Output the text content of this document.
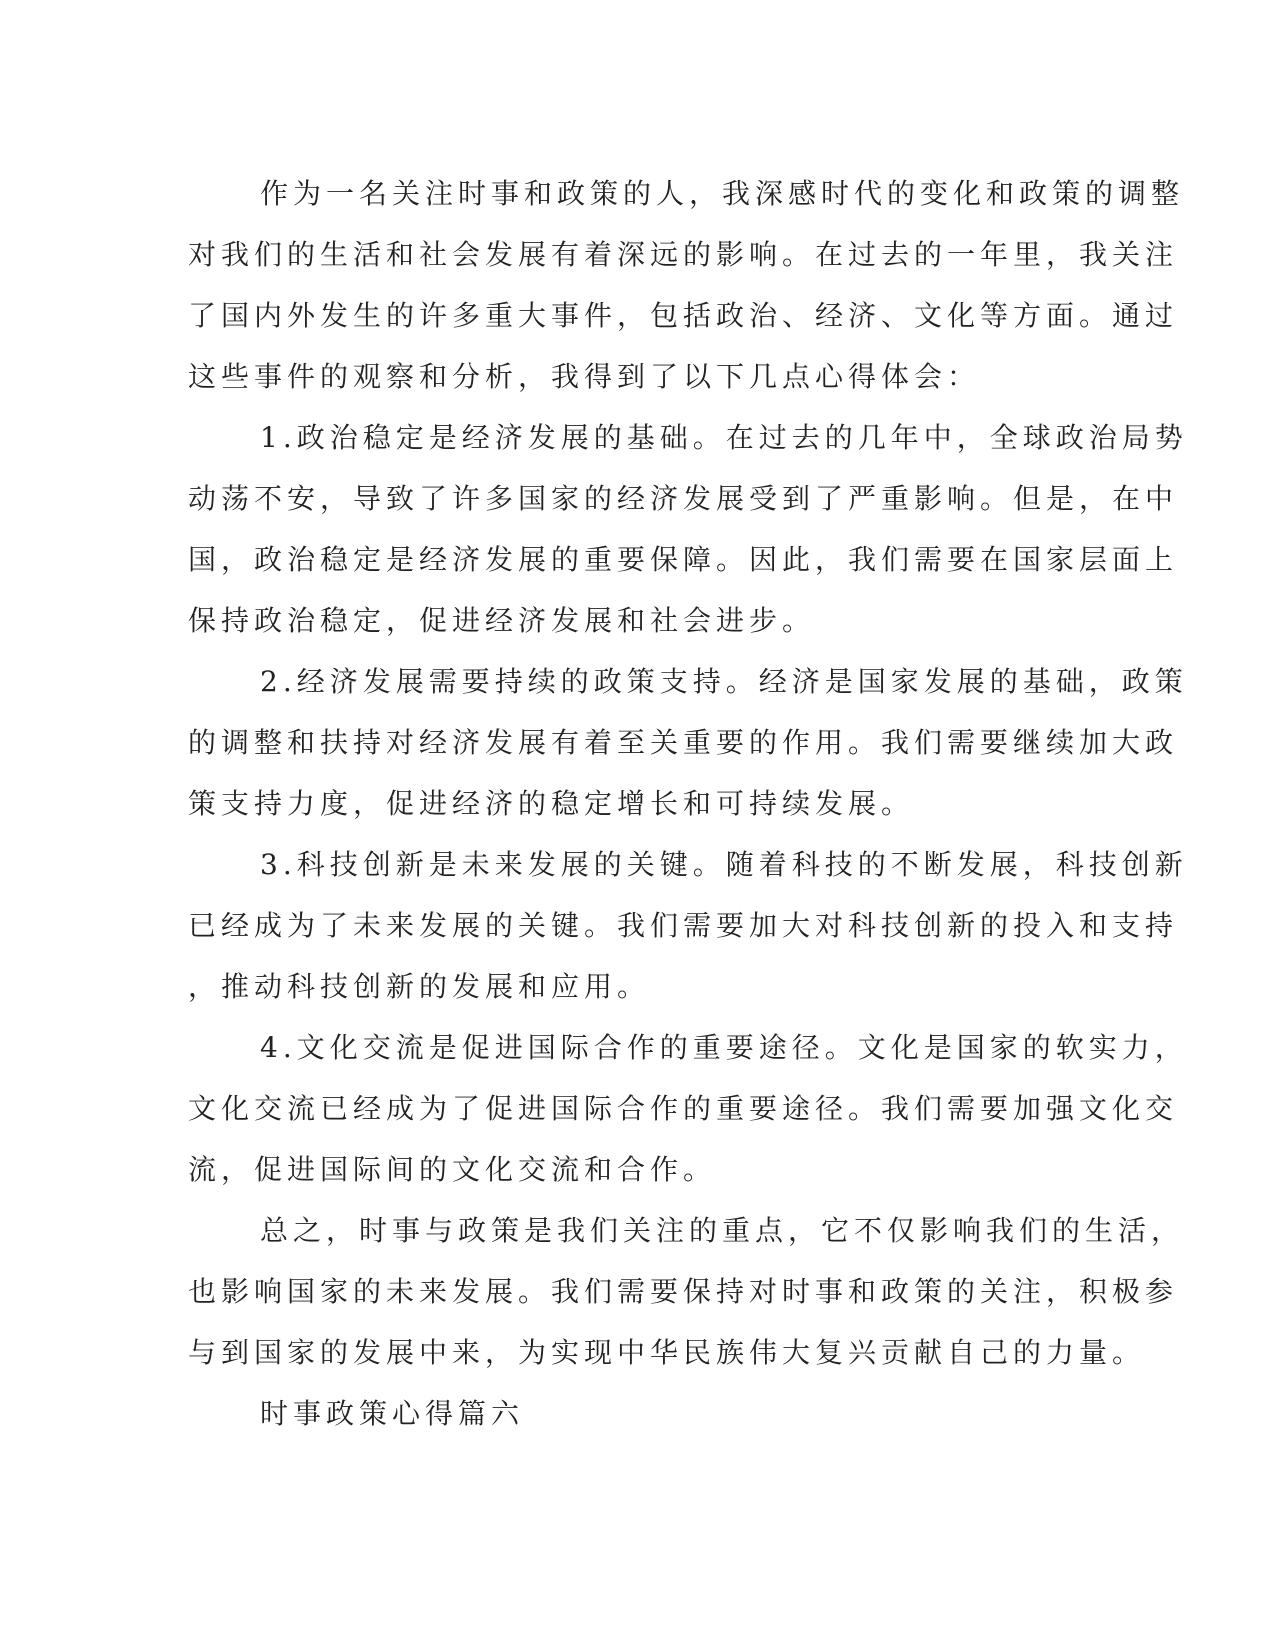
作为一名关注时事和政策的人，我深感时代的变化和政策的调整
对我们的生活和社会发展有着深远的影响。在过去的一年里，我关注
了国内外发生的许多重大事件，包括政治、经济、文化等方面。通过
这些事件的观察和分析，我得到了以下几点心得体会：
1.政治稳定是经济发展的基础。在过去的几年中，全球政治局势
动荡不安，导致了许多国家的经济发展受到了严重影响。但是，在中
国，政治稳定是经济发展的重要保障。因此，我们需要在国家层面上
保持政治稳定，促进经济发展和社会进步。
2.经济发展需要持续的政策支持。经济是国家发展的基础，政策
的调整和扶持对经济发展有着至关重要的作用。我们需要继续加大政
策支持力度，促进经济的稳定增长和可持续发展。
3.科技创新是未来发展的关键。随着科技的不断发展，科技创新
已经成为了未来发展的关键。我们需要加大对科技创新的投入和支持
，推动科技创新的发展和应用。
4.文化交流是促进国际合作的重要途径。文化是国家的软实力，
文化交流已经成为了促进国际合作的重要途径。我们需要加强文化交
流，促进国际间的文化交流和合作。
总之，时事与政策是我们关注的重点，它不仅影响我们的生活，
也影响国家的未来发展。我们需要保持对时事和政策的关注，积极参
与到国家的发展中来，为实现中华民族伟大复兴贡献自己的力量。
时事政策心得篇六
